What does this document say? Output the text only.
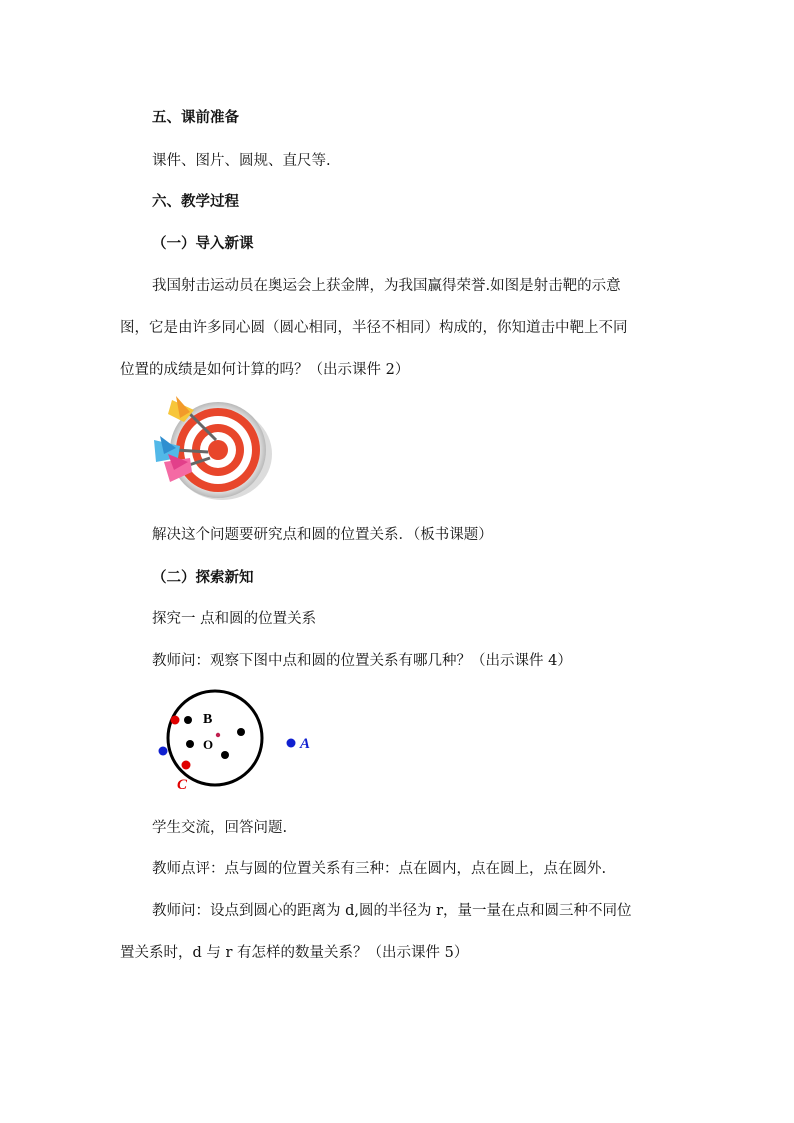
五、课前准备
课件、图片、圆规、直尺等.
六、教学过程
（一）导入新课
我国射击运动员在奥运会上获金牌，为我国赢得荣誉.如图是射击靶的示意
图，它是由许多同心圆（圆心相同，半径不相同）构成的，你知道击中靶上不同
位置的成绩是如何计算的吗？（出示课件 2）
解决这个问题要研究点和圆的位置关系．（板书课题）
（二）探索新知
探究一 点和圆的位置关系
教师问：观察下图中点和圆的位置关系有哪几种？（出示课件 4）
B
O	A
C
学生交流，回答问题.
教师点评：点与圆的位置关系有三种：点在圆内，点在圆上，点在圆外.
教师问：设点到圆心的距离为 d,圆的半径为 r，量一量在点和圆三种不同位
置关系时，d 与 r 有怎样的数量关系？（出示课件 5）
